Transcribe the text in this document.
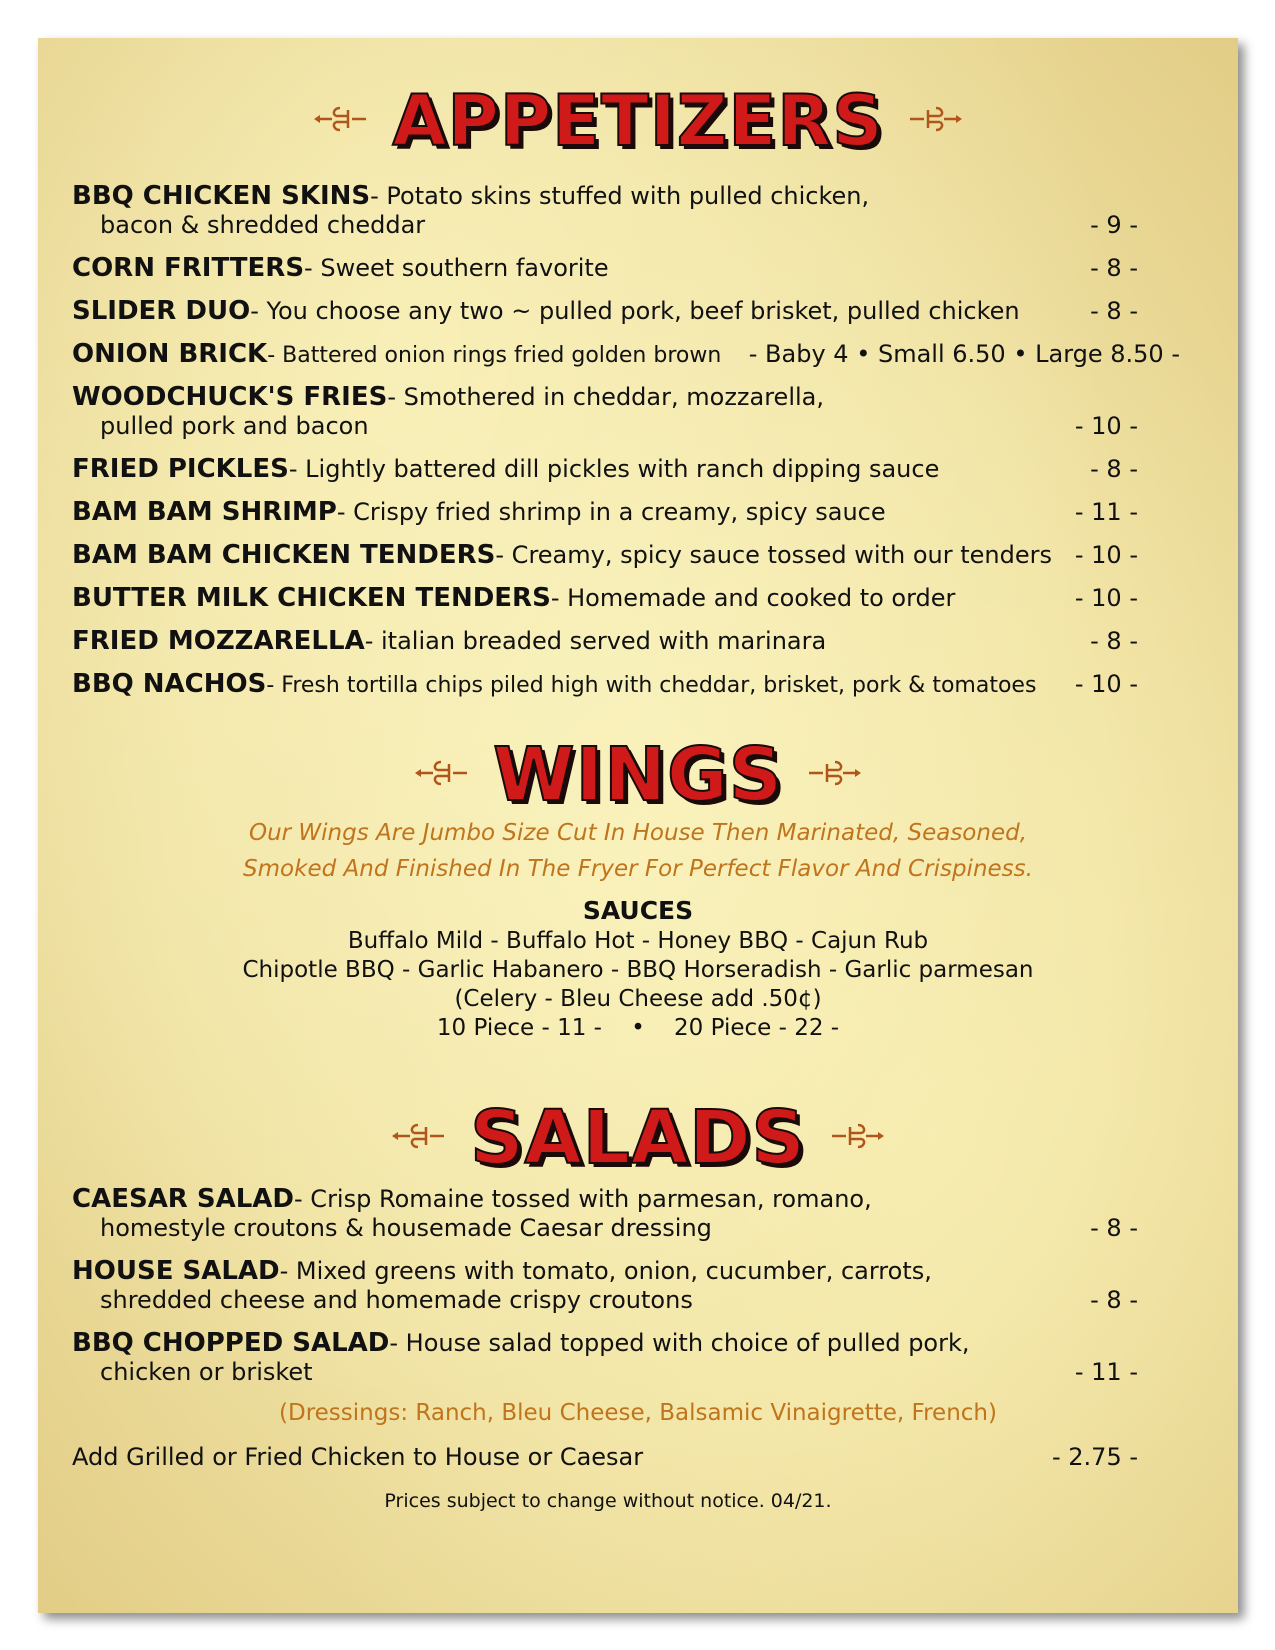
APPETIZERS
BBQ CHICKEN SKINS- Potato skins stuffed with pulled chicken,
bacon & shredded cheddar	- 9 -
CORN FRITTERS- Sweet southern favorite	- 8 -
SLIDER DUO- You choose any two ~ pulled pork, beef brisket, pulled chicken	- 8 -
ONION BRICK- Battered onion rings fried golden brown - Baby 4 • Small 6.50 • Large 8.50 -
WOODCHUCK'S FRIES- Smothered in cheddar, mozzarella,
pulled pork and bacon	- 10 -
FRIED PICKLES- Lightly battered dill pickles with ranch dipping sauce	- 8 -
BAM BAM SHRIMP- Crispy fried shrimp in a creamy, spicy sauce	- 11 -
BAM BAM CHICKEN TENDERS- Creamy, spicy sauce tossed with our tenders - 10 -
BUTTER MILK CHICKEN TENDERS- Homemade and cooked to order	- 10 -
FRIED MOZZARELLA- italian breaded served with marinara	- 8 -
BBQ NACHOS- Fresh tortilla chips piled high with cheddar, brisket, pork & tomatoes - 10 -
WINGS
Our Wings Are Jumbo Size Cut In House Then Marinated, Seasoned,
Smoked And Finished In The Fryer For Perfect Flavor And Crispiness.
SAUCES
Buffalo Mild - Buffalo Hot - Honey BBQ - Cajun Rub
Chipotle BBQ - Garlic Habanero - BBQ Horseradish - Garlic parmesan
(Celery - Bleu Cheese add .50¢)
10 Piece - 11 -    •    20 Piece - 22 -
SALADS
CAESAR SALAD- Crisp Romaine tossed with parmesan, romano,
homestyle croutons & housemade Caesar dressing	- 8 -
HOUSE SALAD- Mixed greens with tomato, onion, cucumber, carrots,
shredded cheese and homemade crispy croutons	- 8 -
BBQ CHOPPED SALAD- House salad topped with choice of pulled pork,
chicken or brisket	- 11 -
(Dressings: Ranch, Bleu Cheese, Balsamic Vinaigrette, French)
Add Grilled or Fried Chicken to House or Caesar	- 2.75 -
Prices subject to change without notice. 04/21.
